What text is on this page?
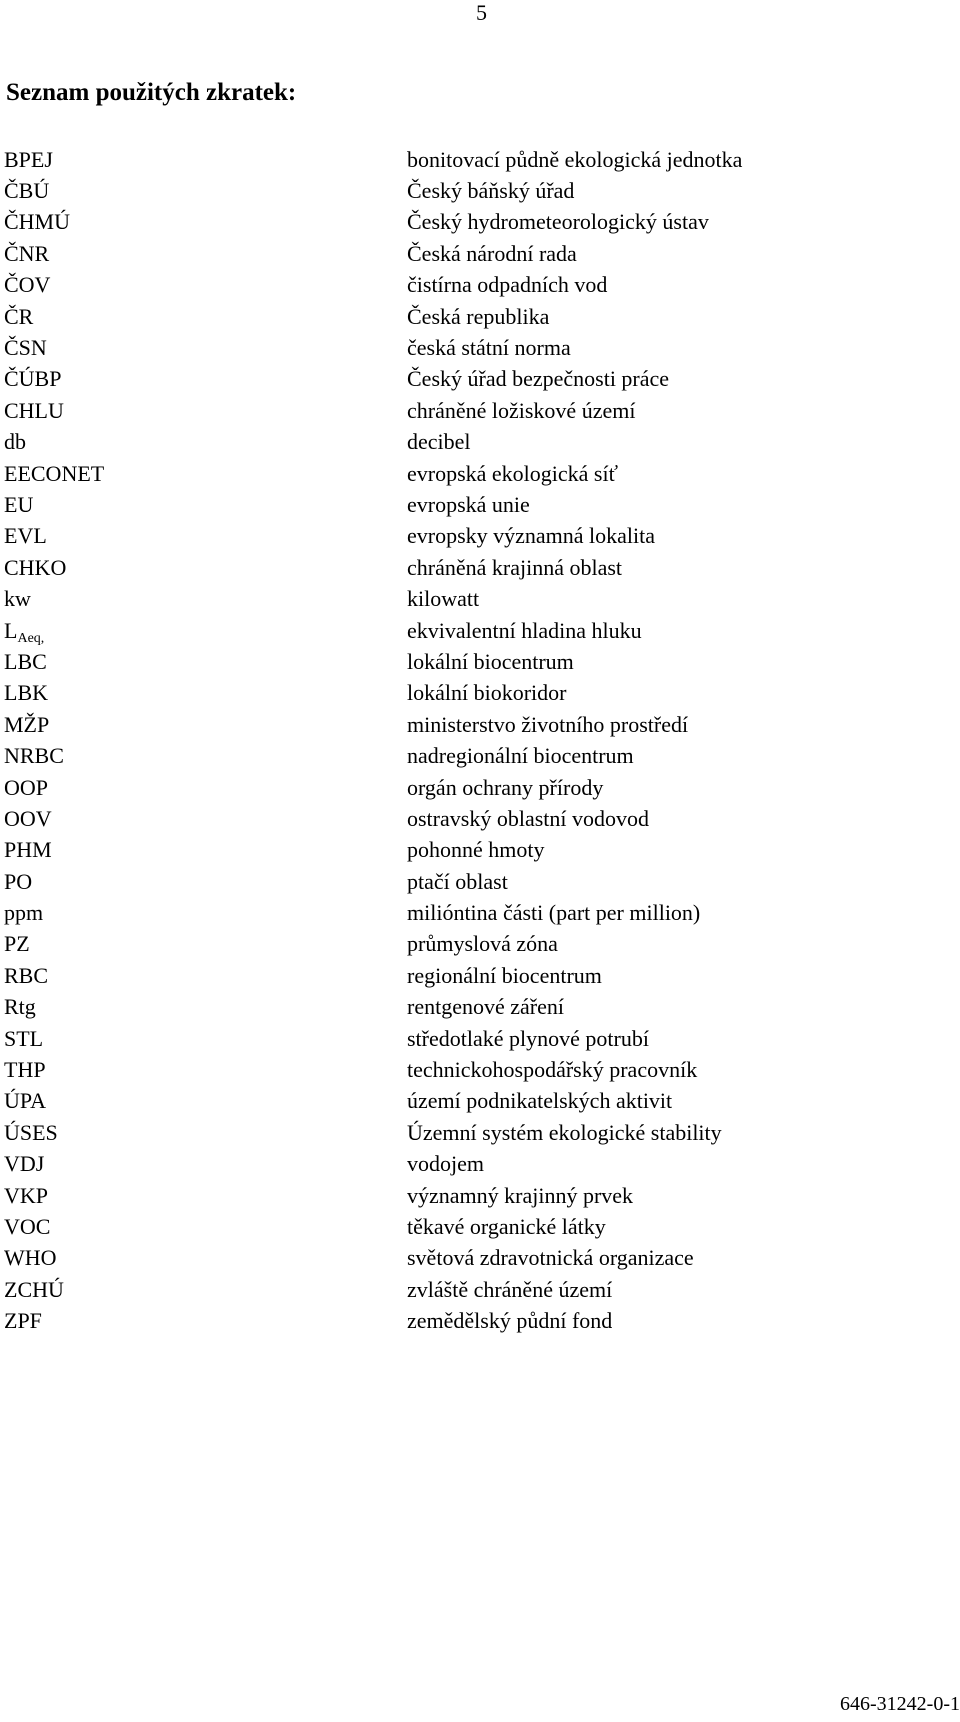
5
Seznam použitých zkratek:
BPEJ	bonitovací půdně ekologická jednotka
ČBÚ	Český báňský úřad
ČHMÚ	Český hydrometeorologický ústav
ČNR	Česká národní rada
ČOV	čistírna odpadních vod
ČR	Česká republika
ČSN	česká státní norma
ČÚBP	Český úřad bezpečnosti práce
CHLU	chráněné ložiskové území
db	decibel
EECONET	evropská ekologická síť
EU	evropská unie
EVL	evropsky významná lokalita
CHKO	chráněná krajinná oblast
kw	kilowatt
$L_{Aeq,}$	ekvivalentní hladina hluku
LBC	lokální biocentrum
LBK	lokální biokoridor
MŽP	ministerstvo životního prostředí
NRBC	nadregionální biocentrum
OOP	orgán ochrany přírody
OOV	ostravský oblastní vodovod
PHM	pohonné hmoty
PO	ptačí oblast
ppm	milióntina části (part per million)
PZ	průmyslová zóna
RBC	regionální biocentrum
Rtg	rentgenové záření
STL	středotlaké plynové potrubí
THP	technickohospodářský pracovník
ÚPA	území podnikatelských aktivit
ÚSES	Územní systém ekologické stability
VDJ	vodojem
VKP	významný krajinný prvek
VOC	těkavé organické látky
WHO	světová zdravotnická organizace
ZCHÚ	zvláště chráněné území
ZPF	zemědělský půdní fond
646-31242-0-1
